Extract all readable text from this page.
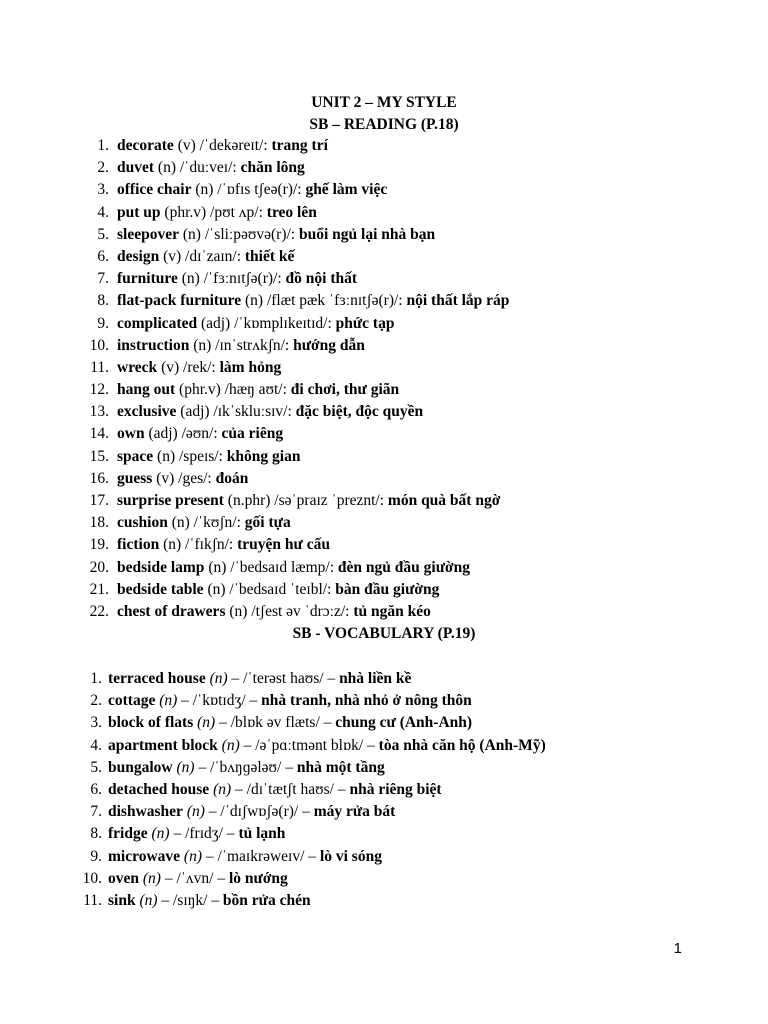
UNIT 2 – MY STYLE
SB – READING (P.18)
1. decorate (v) /ˈdekəreɪt/: trang trí
2. duvet (n) /ˈduːveɪ/: chăn lông
3. office chair (n) /ˈɒfɪs tʃeə(r)/: ghế làm việc
4. put up (phr.v) /pʊt ʌp/: treo lên
5. sleepover (n) /ˈsliːpəʊvə(r)/: buổi ngủ lại nhà bạn
6. design (v) /dɪˈzaɪn/: thiết kế
7. furniture (n) /ˈfɜːnɪtʃə(r)/: đồ nội thất
8. flat-pack furniture (n) /flæt pæk ˈfɜːnɪtʃə(r)/: nội thất lắp ráp
9. complicated (adj) /ˈkɒmplɪkeɪtɪd/: phức tạp
10. instruction (n) /ɪnˈstrʌkʃn/: hướng dẫn
11. wreck (v) /rek/: làm hỏng
12. hang out (phr.v) /hæŋ aʊt/: đi chơi, thư giãn
13. exclusive (adj) /ɪkˈskluːsɪv/: đặc biệt, độc quyền
14. own (adj) /əʊn/: của riêng
15. space (n) /speɪs/: không gian
16. guess (v) /ges/: đoán
17. surprise present (n.phr) /səˈpraɪz ˈpreznt/: món quà bất ngờ
18. cushion (n) /ˈkʊʃn/: gối tựa
19. fiction (n) /ˈfɪkʃn/: truyện hư cấu
20. bedside lamp (n) /ˈbedsaɪd læmp/: đèn ngủ đầu giường
21. bedside table (n) /ˈbedsaɪd ˈteɪbl/: bàn đầu giường
22. chest of drawers (n) /tʃest əv ˈdrɔːz/: tủ ngăn kéo
SB - VOCABULARY (P.19)
1. terraced house (n) – /ˈterəst haʊs/ – nhà liền kề
2. cottage (n) – /ˈkɒtɪdʒ/ – nhà tranh, nhà nhỏ ở nông thôn
3. block of flats (n) – /blɒk əv flæts/ – chung cư (Anh-Anh)
4. apartment block (n) – /əˈpɑːtmənt blɒk/ – tòa nhà căn hộ (Anh-Mỹ)
5. bungalow (n) – /ˈbʌŋɡələʊ/ – nhà một tầng
6. detached house (n) – /dɪˈtætʃt haʊs/ – nhà riêng biệt
7. dishwasher (n) – /ˈdɪʃwɒʃə(r)/ – máy rửa bát
8. fridge (n) – /frɪdʒ/ – tủ lạnh
9. microwave (n) – /ˈmaɪkrəweɪv/ – lò vi sóng
10. oven (n) – /ˈʌvn/ – lò nướng
11. sink (n) – /sɪŋk/ – bồn rửa chén
1
